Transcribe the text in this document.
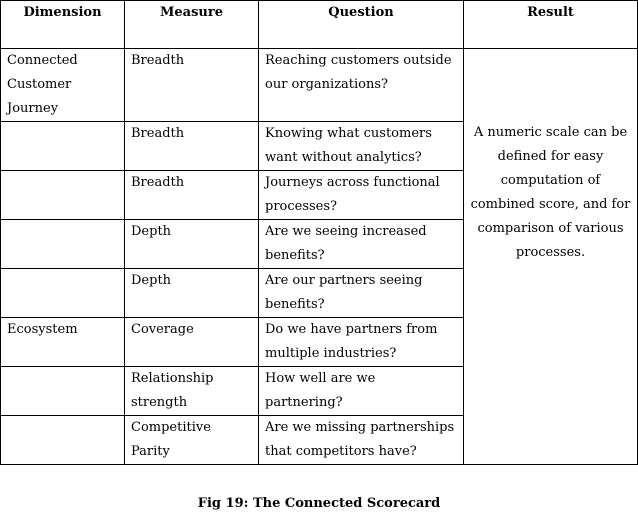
Dimension	Measure	Question	Result
Connected Customer Journey	Breadth	Reaching customers outside our organizations?	A numeric scale can be defined for easy computation of combined score, and for comparison of various processes.

	Breadth	Knowing what customers want without analytics?	
	Breadth	Journeys across functional processes?	
	Depth	Are we seeing increased benefits?	
	Depth	Are our partners seeing benefits?	
Ecosystem	Coverage	Do we have partners from multiple industries?	
	Relationship strength	How well are we partnering?	
	Competitive Parity	Are we missing partnerships that competitors have?	
Fig 19: The Connected Scorecard
